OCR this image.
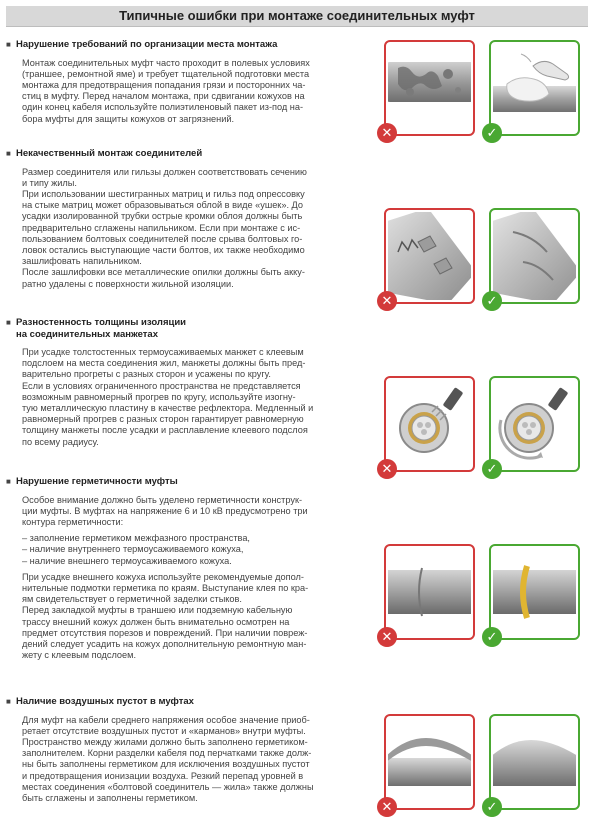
Типичные ошибки при монтаже соединительных муфт
■ Нарушение требований по организации места монтажа

Монтаж соединительных муфт часто проходит в полевых условиях
(траншее, ремонтной яме) и требует тщательной подготовки места
монтажа для предотвращения попадания грязи и посторонних ча-
стиц в муфту. Перед началом монтажа, при сдвигании кожухов на
один конец кабеля используйте полиэтиленовый пакет из-под на-
бора муфты для защиты кожухов от загрязнений.

■ Некачественный монтаж соединителей

Размер соединителя или гильзы должен соответствовать сечению
и типу жилы.
При использовании шестигранных матриц и гильз под опрессовку
на стыке матриц может образовываться облой в виде «ушек». До
усадки изолированной трубки острые кромки облоя должны быть
предварительно сглажены напильником. Если при монтаже с ис-
пользованием болтовых соединителей после срыва болтовых го-
ловок остались выступающие части болтов, их также необходимо
зашлифовать напильником.
После зашлифовки все металлические опилки должны быть акку-
ратно удалены с поверхности жильной изоляции.

■ Разностенность толщины изоляции
на соединительных манжетах

При усадке толстостенных термоусаживаемых манжет с клеевым
подслоем на места соединения жил, манжеты должны быть пред-
варительно прогреты с разных сторон и усажены по кругу.
Если в условиях ограниченного пространства не представляется
возможным равномерный прогрев по кругу, используйте изогну-
тую металлическую пластину в качестве рефлектора. Медленный и
равномерный прогрев с разных сторон гарантирует равномерную
толщину манжеты после усадки и расплавление клеевого подслоя
по всему радиусу.

■ Нарушение герметичности муфты

Особое внимание должно быть уделено герметичности конструк-
ции муфты. В муфтах на напряжение 6 и 10 кВ предусмотрено три
контура герметичности:

– заполнение герметиком межфазного пространства,
– наличие внутреннего термоусаживаемого кожуха,
– наличие внешнего термоусаживаемого кожуха.

При усадке внешнего кожуха используйте рекомендуемые допол-
нительные подмотки герметика по краям. Выступание клея по кра-
ям свидетельствует о герметичной заделки стыков.
Перед закладкой муфты в траншею или подземную кабельную
трассу внешний кожух должен быть внимательно осмотрен на
предмет отсутствия порезов и повреждений. При наличии повреж-
дений следует усадить на кожух дополнительную ремонтную ман-
жету с клеевым подслоем.

■ Наличие воздушных пустот в муфтах

Для муфт на кабели среднего напряжения особое значение приоб-
ретает отсутствие воздушных пустот и «карманов» внутри муфты.
Пространство между жилами должно быть заполнено герметиком-
заполнителем. Корни разделки кабеля под перчатками также долж-
ны быть заполнены герметиком для исключения воздушных пустот
и предотвращения ионизации воздуха. Резкий перепад уровней в
местах соединения «болтовой соединитель — жила» также должны
быть сглажены и заполнены герметиком.

✕	✓
✕	✓
✕	✓
✕	✓
✕	✓
